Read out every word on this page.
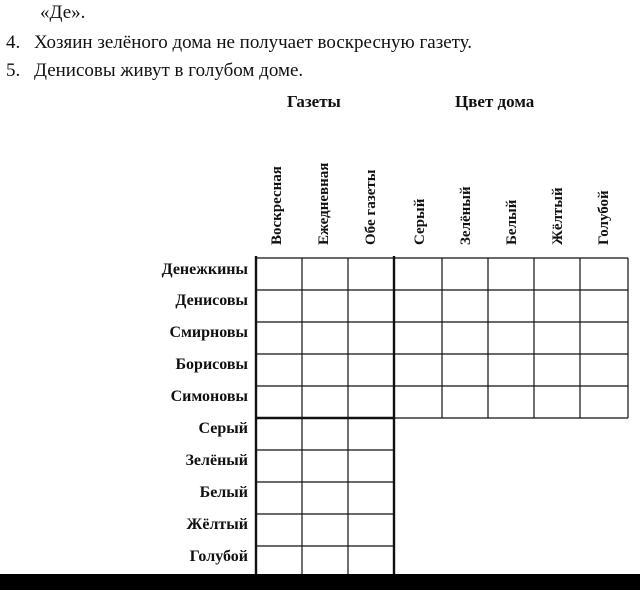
«Де».
4. Хозяин зелёного дома не получает воскресную газету.
5. Денисовы живут в голубом доме.
Газеты	Цвет дома
Воскресная Ежедневная Обе газеты Серый Зелёный Белый Жёлтый Голубой
Денежкины
Денисовы
Смирновы
Борисовы
Симоновы
Серый
Зелёный
Белый
Жёлтый
Голубой
